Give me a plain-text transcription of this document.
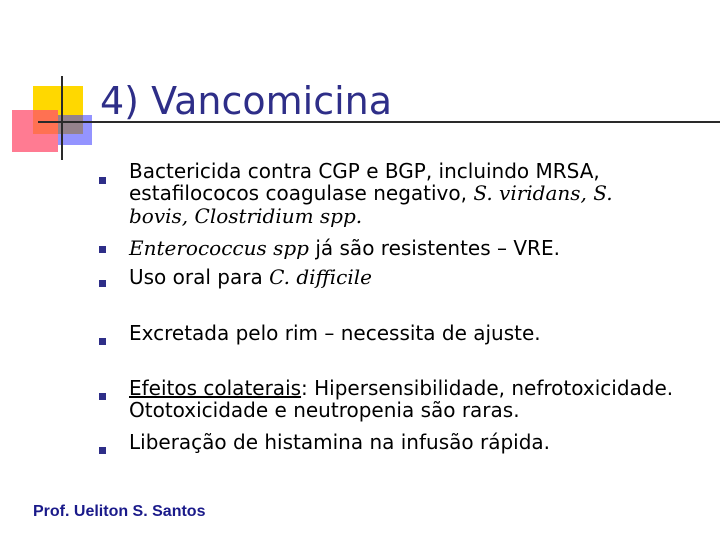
4) Vancomicina
Bactericida contra CGP e BGP, incluindo MRSA,
estafilococos coagulase negativo, S. viridans, S.
bovis, Clostridium spp.
Enterococcus spp já são resistentes – VRE.
Uso oral para C. difficile
Excretada pelo rim – necessita de ajuste.
Efeitos colaterais: Hipersensibilidade, nefrotoxicidade.
Ototoxicidade e neutropenia são raras.
Liberação de histamina na infusão rápida.
Prof. Ueliton S. Santos
